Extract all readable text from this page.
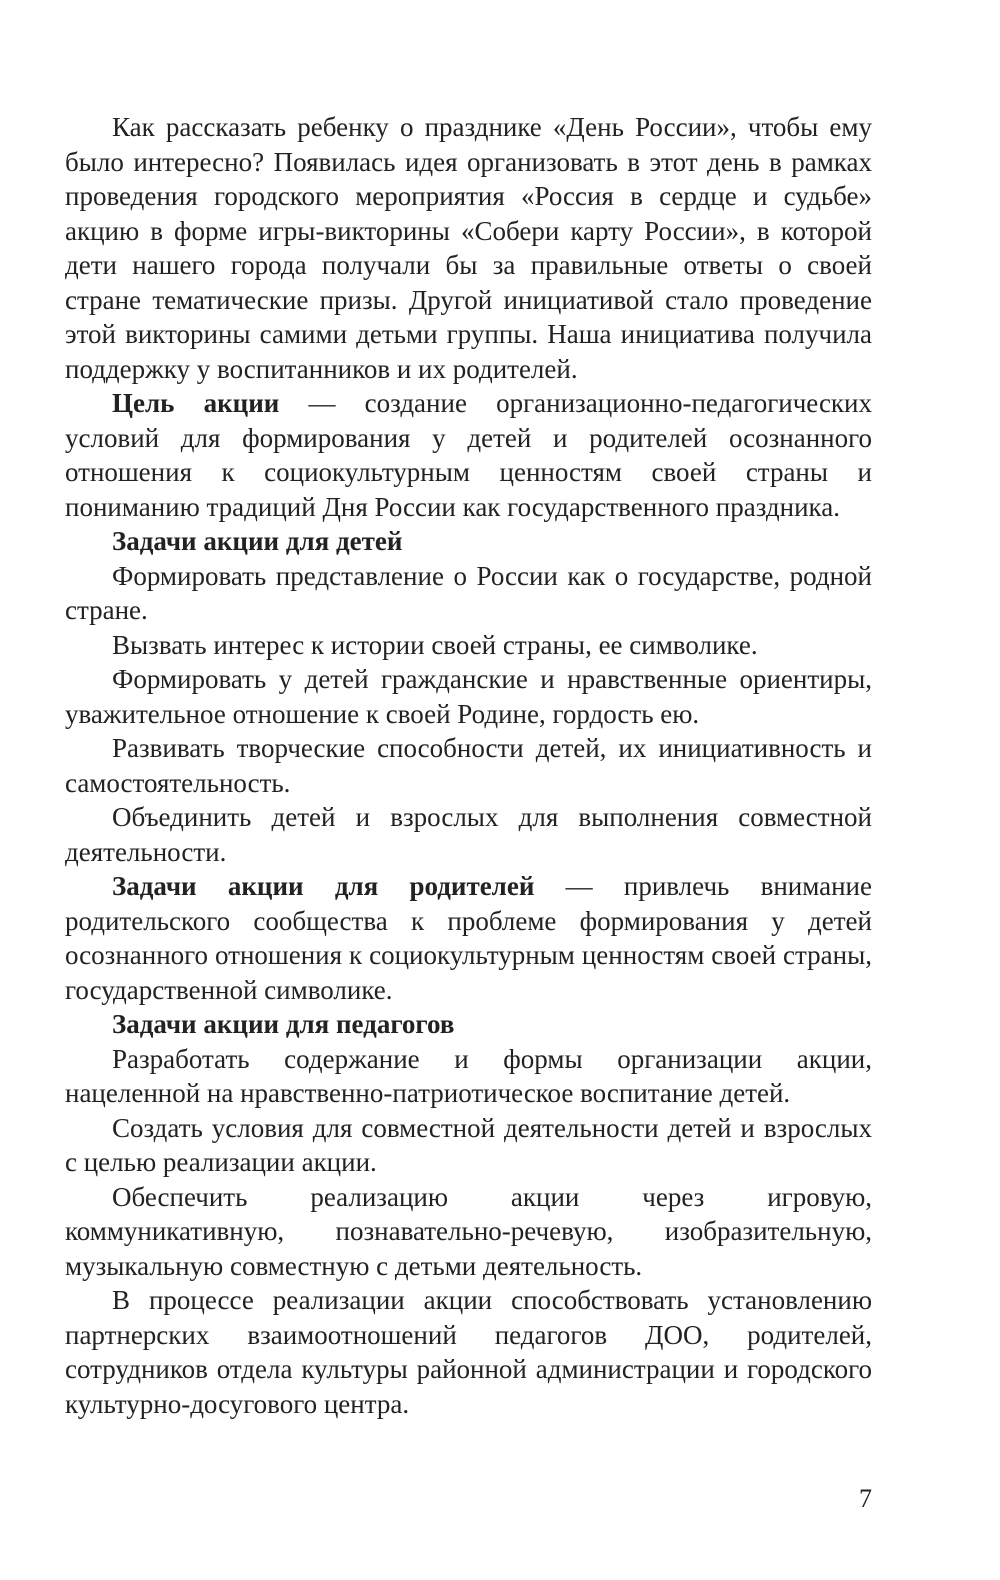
Как рассказать ребенку о празднике «День России», чтобы ему было интересно? Появилась идея организовать в этот день в рамках проведения городского мероприятия «Россия в сердце и судьбе» акцию в форме игры-викторины «Собери карту России», в которой дети нашего города получали бы за правильные ответы о своей стране тематические призы. Другой инициативой стало проведение этой викторины самими детьми группы. Наша инициатива получила поддержку у воспитанников и их родителей.

Цель акции — создание организационно-педагогических условий для формирования у детей и родителей осознанного отношения к социокультурным ценностям своей страны и пониманию традиций Дня России как государственного праздника.

Задачи акции для детей

Формировать представление о России как о государстве, родной стране.

Вызвать интерес к истории своей страны, ее символике.

Формировать у детей гражданские и нравственные ориентиры, уважительное отношение к своей Родине, гордость ею.

Развивать творческие способности детей, их инициативность и самостоятельность.

Объединить детей и взрослых для выполнения совместной деятельности.

Задачи акции для родителей — привлечь внимание родительского сообщества к проблеме формирования у детей осознанного отношения к социокультурным ценностям своей страны, государственной символике.

Задачи акции для педагогов

Разработать содержание и формы организации акции, нацеленной на нравственно-патриотическое воспитание детей.

Создать условия для совместной деятельности детей и взрослых с целью реализации акции.

Обеспечить реализацию акции через игровую, коммуникативную, познавательно-речевую, изобразительную, музыкальную совместную с детьми деятельность.

В процессе реализации акции способствовать установлению партнерских взаимоотношений педагогов ДОО, родителей, сотрудников отдела культуры районной администрации и городского культурно-досугового центра.

7
